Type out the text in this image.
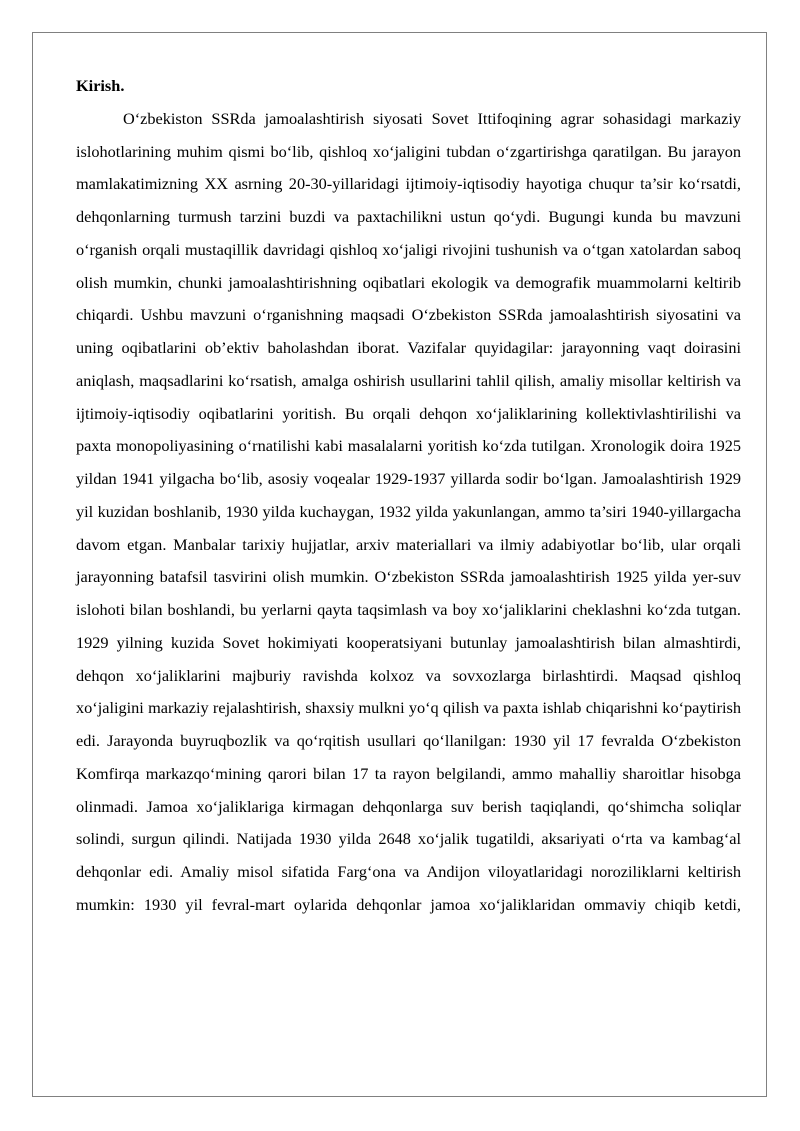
Kirish.

O‘zbekiston SSRda jamoalashtirish siyosati Sovet Ittifoqining agrar sohasidagi markaziy islohotlarining muhim qismi bo‘lib, qishloq xo‘jaligini tubdan o‘zgartirishga qaratilgan. Bu jarayon mamlakatimizning XX asrning 20-30-yillaridagi ijtimoiy-iqtisodiy hayotiga chuqur ta’sir ko‘rsatdi, dehqonlarning turmush tarzini buzdi va paxtachilikni ustun qo‘ydi. Bugungi kunda bu mavzuni o‘rganish orqali mustaqillik davridagi qishloq xo‘jaligi rivojini tushunish va o‘tgan xatolardan saboq olish mumkin, chunki jamoalashtirishning oqibatlari ekologik va demografik muammolarni keltirib chiqardi. Ushbu mavzuni o‘rganishning maqsadi O‘zbekiston SSRda jamoalashtirish siyosatini va uning oqibatlarini ob’ektiv baholashdan iborat. Vazifalar quyidagilar: jarayonning vaqt doirasini aniqlash, maqsadlarini ko‘rsatish, amalga oshirish usullarini tahlil qilish, amaliy misollar keltirish va ijtimoiy-iqtisodiy oqibatlarini yoritish. Bu orqali dehqon xo‘jaliklarining kollektivlashtirilishi va paxta monopoliyasining o‘rnatilishi kabi masalalarni yoritish ko‘zda tutilgan. Xronologik doira 1925 yildan 1941 yilgacha bo‘lib, asosiy voqealar 1929-1937 yillarda sodir bo‘lgan. Jamoalashtirish 1929 yil kuzidan boshlanib, 1930 yilda kuchaygan, 1932 yilda yakunlangan, ammo ta’siri 1940-yillargacha davom etgan. Manbalar tarixiy hujjatlar, arxiv materiallari va ilmiy adabiyotlar bo‘lib, ular orqali jarayonning batafsil tasvirini olish mumkin. O‘zbekiston SSRda jamoalashtirish 1925 yilda yer-suv islohoti bilan boshlandi, bu yerlarni qayta taqsimlash va boy xo‘jaliklarini cheklashni ko‘zda tutgan. 1929 yilning kuzida Sovet hokimiyati kooperatsiyani butunlay jamoalashtirish bilan almashtirdi, dehqon xo‘jaliklarini majburiy ravishda kolxoz va sovxozlarga birlashtirdi. Maqsad qishloq xo‘jaligini markaziy rejalashtirish, shaxsiy mulkni yo‘q qilish va paxta ishlab chiqarishni ko‘paytirish edi. Jarayonda buyruqbozlik va qo‘rqitish usullari qo‘llanilgan: 1930 yil 17 fevralda O‘zbekiston Komfirqa markazqo‘mining qarori bilan 17 ta rayon belgilandi, ammo mahalliy sharoitlar hisobga olinmadi. Jamoa xo‘jaliklariga kirmagan dehqonlarga suv berish taqiqlandi, qo‘shimcha soliqlar solindi, surgun qilindi. Natijada 1930 yilda 2648 xo‘jalik tugatildi, aksariyati o‘rta va kambag‘al dehqonlar edi. Amaliy misol sifatida Farg‘ona va Andijon viloyatlaridagi noroziliklarni keltirish mumkin: 1930 yil fevral-mart oylarida dehqonlar jamoa xo‘jaliklaridan ommaviy chiqib ketdi,
